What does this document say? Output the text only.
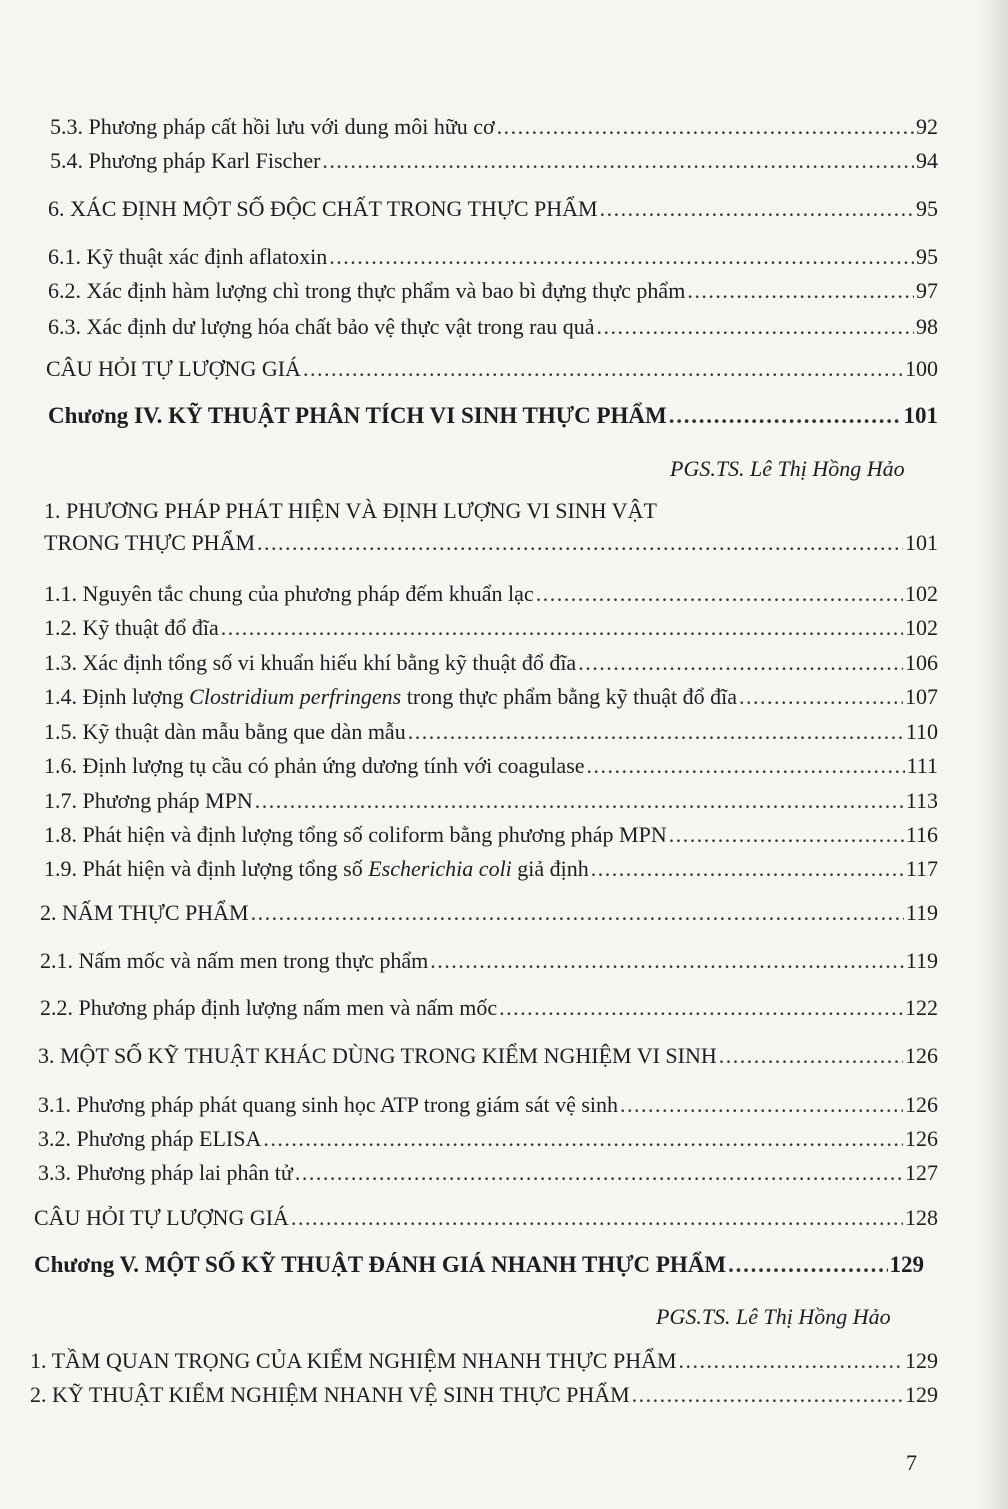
5.3. Phương pháp cất hồi lưu với dung môi hữu cơ . . .	92
5.4. Phương pháp Karl Fischer . . .	94
6. XÁC ĐỊNH MỘT SỐ ĐỘC CHẤT TRONG THỰC PHẨM . . .	95
6.1. Kỹ thuật xác định aflatoxin . . .	95
6.2. Xác định hàm lượng chì trong thực phẩm và bao bì đựng thực phẩm . . .	97
6.3. Xác định dư lượng hóa chất bảo vệ thực vật trong rau quả . . .	98
CÂU HỎI TỰ LƯỢNG GIÁ . . .	100
Chương IV. KỸ THUẬT PHÂN TÍCH VI SINH THỰC PHẨM . . .	101
PGS.TS. Lê Thị Hồng Hảo
1. PHƯƠNG PHÁP PHÁT HIỆN VÀ ĐỊNH LƯỢNG VI SINH VẬT
TRONG THỰC PHẨM . . .	101
1.1. Nguyên tắc chung của phương pháp đếm khuẩn lạc . . .	102
1.2. Kỹ thuật đổ đĩa . . .	102
1.3. Xác định tổng số vi khuẩn hiếu khí bằng kỹ thuật đổ đĩa . . .	106
1.4. Định lượng Clostridium perfringens trong thực phẩm bằng kỹ thuật đổ đĩa . . .	107
1.5. Kỹ thuật dàn mẫu bằng que dàn mẫu . . .	110
1.6. Định lượng tụ cầu có phản ứng dương tính với coagulase . . .	111
1.7. Phương pháp MPN . . .	113
1.8. Phát hiện và định lượng tổng số coliform bằng phương pháp MPN . . .	116
1.9. Phát hiện và định lượng tổng số Escherichia coli giả định . . .	117
2. NẤM THỰC PHẨM . . .	119
2.1. Nấm mốc và nấm men trong thực phẩm . . .	119
2.2. Phương pháp định lượng nấm men và nấm mốc . . .	122
3. MỘT SỐ KỸ THUẬT KHÁC DÙNG TRONG KIỂM NGHIỆM VI SINH . . .	126
3.1. Phương pháp phát quang sinh học ATP trong giám sát vệ sinh . . .	126
3.2. Phương pháp ELISA . . .	126
3.3. Phương pháp lai phân tử . . .	127
CÂU HỎI TỰ LƯỢNG GIÁ . . .	128
Chương V. MỘT SỐ KỸ THUẬT ĐÁNH GIÁ NHANH THỰC PHẨM . . .	129
PGS.TS. Lê Thị Hồng Hảo
1. TẦM QUAN TRỌNG CỦA KIỂM NGHIỆM NHANH THỰC PHẨM . . .	129
2. KỸ THUẬT KIỂM NGHIỆM NHANH VỆ SINH THỰC PHẨM . . .	129
7
